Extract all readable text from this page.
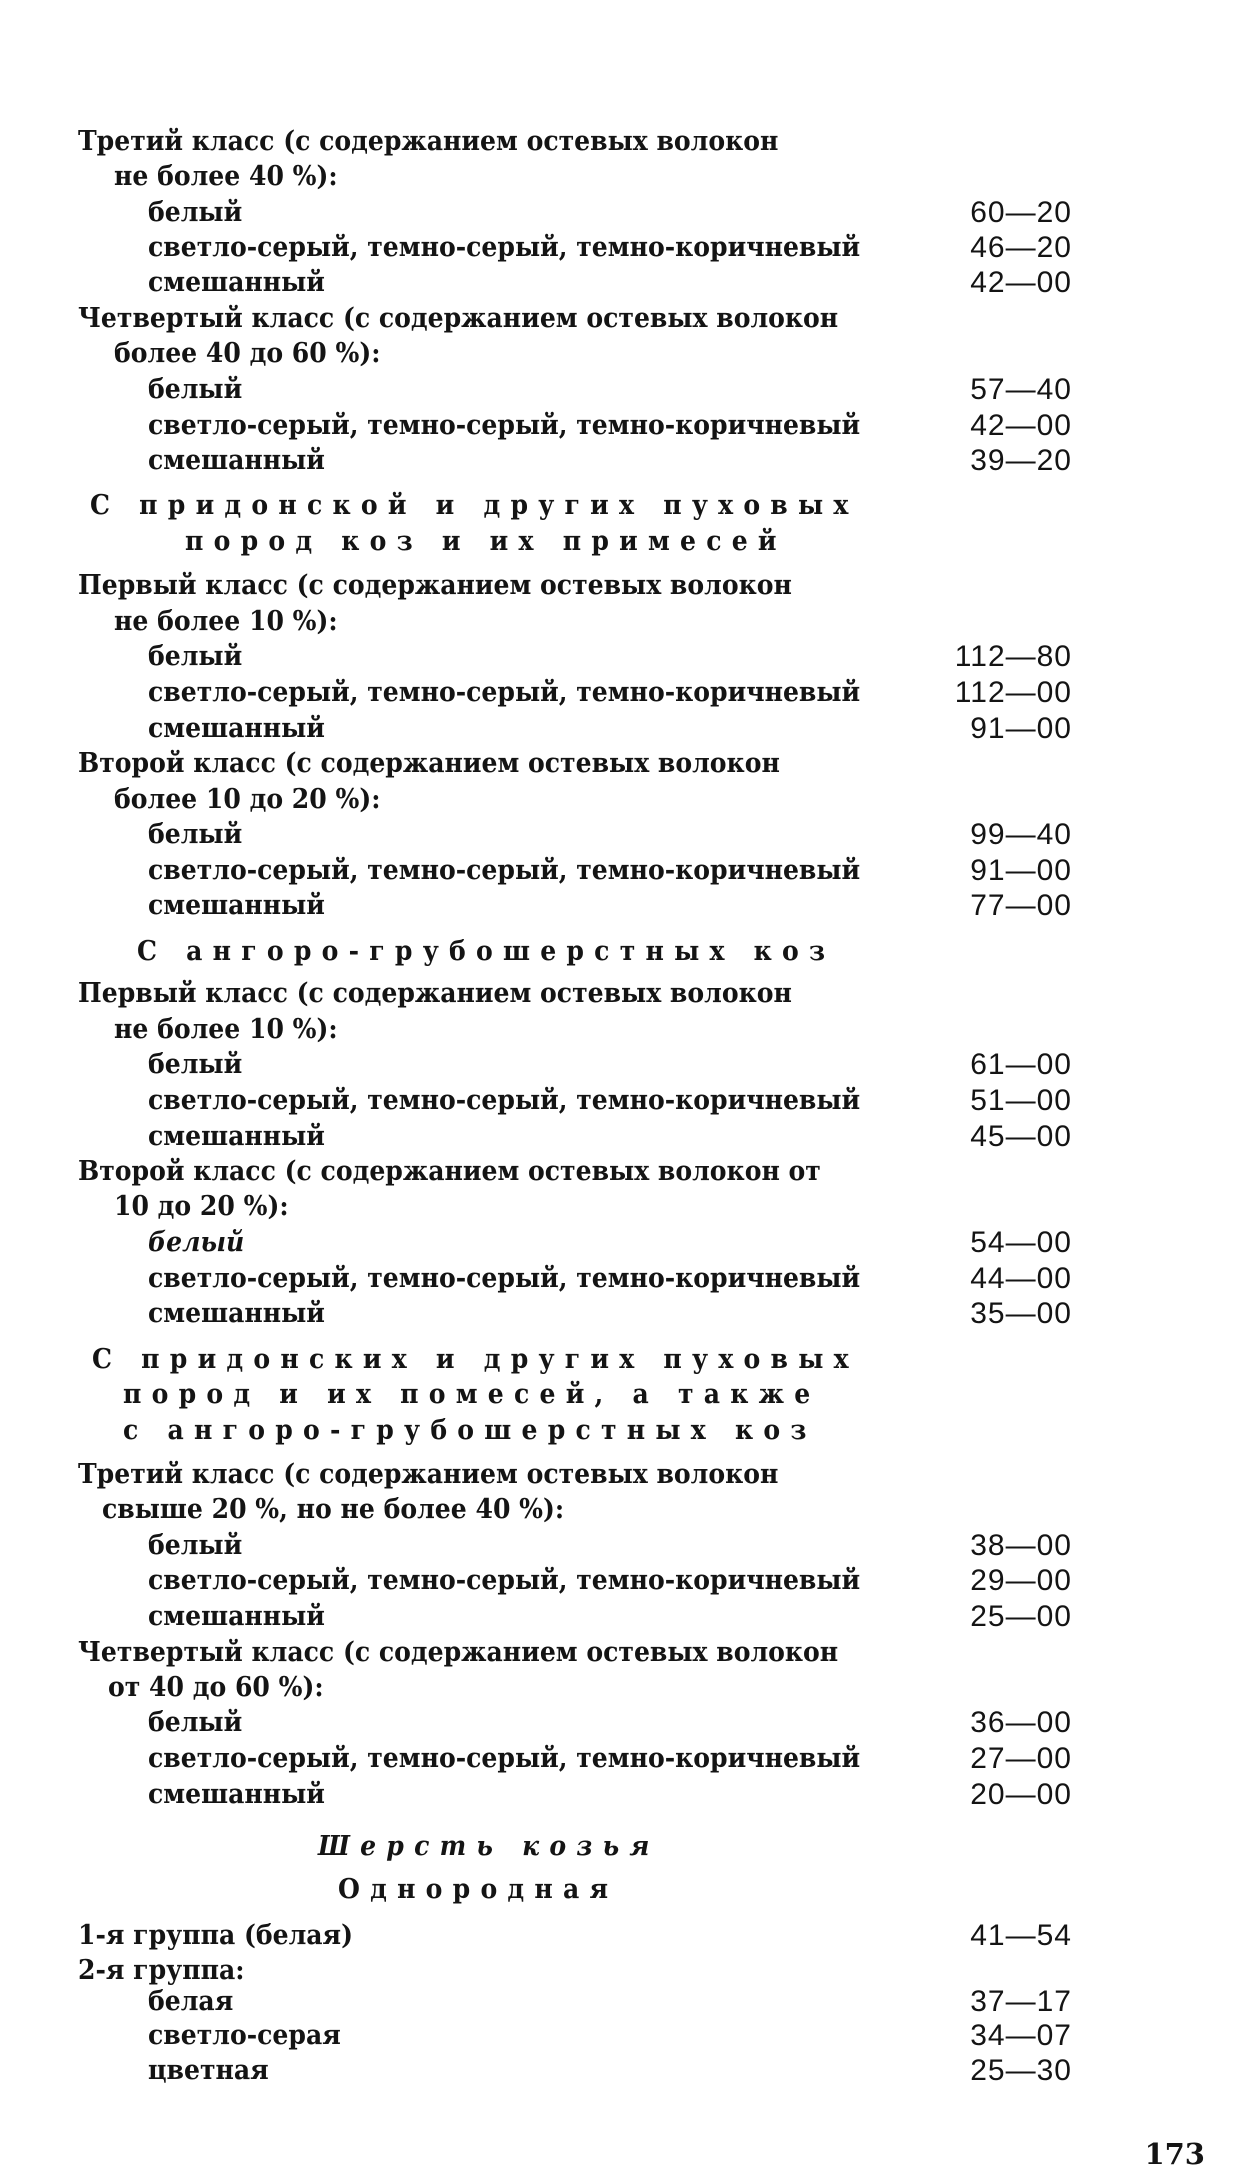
Третий класс (с содержанием остевых волокон
не более 40 %):
белый	60—20
светло-серый, темно-серый, темно-коричневый	46—20
смешанный	42—00
Четвертый класс (с содержанием остевых волокон
более 40 до 60 %):
белый	57—40
светло-серый, темно-серый, темно-коричневый	42—00
смешанный	39—20
С придонской и других пуховых
пород коз и их примесей
Первый класс (с содержанием остевых волокон
не более 10 %):
белый	112—80
светло-серый, темно-серый, темно-коричневый	112—00
смешанный	91—00
Второй класс (с содержанием остевых волокон
более 10 до 20 %):
белый	99—40
светло-серый, темно-серый, темно-коричневый	91—00
смешанный	77—00
С ангоро-грубошерстных коз
Первый класс (с содержанием остевых волокон
не более 10 %):
белый	61—00
светло-серый, темно-серый, темно-коричневый	51—00
смешанный	45—00
Второй класс (с содержанием остевых волокон от
10 до 20 %):
белый	54—00
светло-серый, темно-серый, темно-коричневый	44—00
смешанный	35—00
С придонских и других пуховых
пород и их помесей, а также
с ангоро-грубошерстных коз
Третий класс (с содержанием остевых волокон
свыше 20 %, но не более 40 %):
белый	38—00
светло-серый, темно-серый, темно-коричневый	29—00
смешанный	25—00
Четвертый класс (с содержанием остевых волокон
от 40 до 60 %):
белый	36—00
светло-серый, темно-серый, темно-коричневый	27—00
смешанный	20—00
Шерсть козья
Однородная
1-я группа (белая)	41—54
2-я группа:
белая	37—17
светло-серая	34—07
цветная	25—30
173
